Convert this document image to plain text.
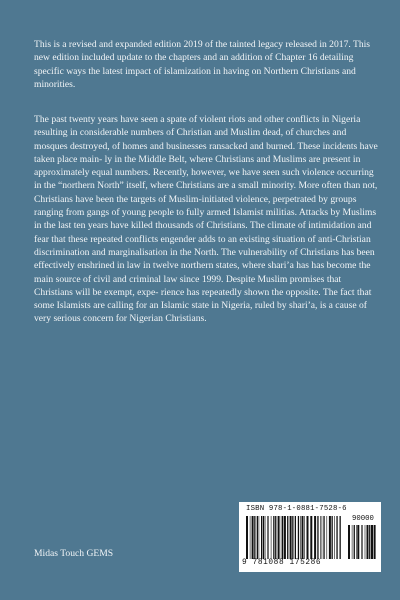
This is a revised and expanded edition 2019 of the tainted legacy released in 2017. This new edition included update to the chapters and an addition of Chapter 16 detailing specific ways the latest impact of islamization in having on Northern Christians and minorities.

The past twenty years have seen a spate of violent riots and other conflicts in Nigeria resulting in considerable numbers of Christian and Muslim dead, of churches and mosques destroyed, of homes and businesses ransacked and burned. These incidents have taken place main- ly in the Middle Belt, where Christians and Muslims are present in approximately equal numbers. Recently, however, we have seen such violence occurring in the “northern North” itself, where Christians are a small minority. More often than not, Christians have been the targets of Muslim-initiated violence, perpetrated by groups ranging from gangs of young people to fully armed Islamist militias. Attacks by Muslims in the last ten years have killed thousands of Christians. The climate of intimidation and fear that these repeated conflicts engender adds to an existing situation of anti-Christian discrimination and marginalisation in the North. The vulnerability of Christians has been effectively enshrined in law in twelve northern states, where shari’a has has become the main source of civil and criminal law since 1999. Despite Muslim promises that Christians will be exempt, expe- rience has repeatedly shown the opposite. The fact that some Islamists are calling for an Islamic state in Nigeria, ruled by shari’a, is a cause of very serious concern for Nigerian Christians.

Midas Touch GEMS

ISBN 978-1-0881-7528-6
90000
9 781088 175286
